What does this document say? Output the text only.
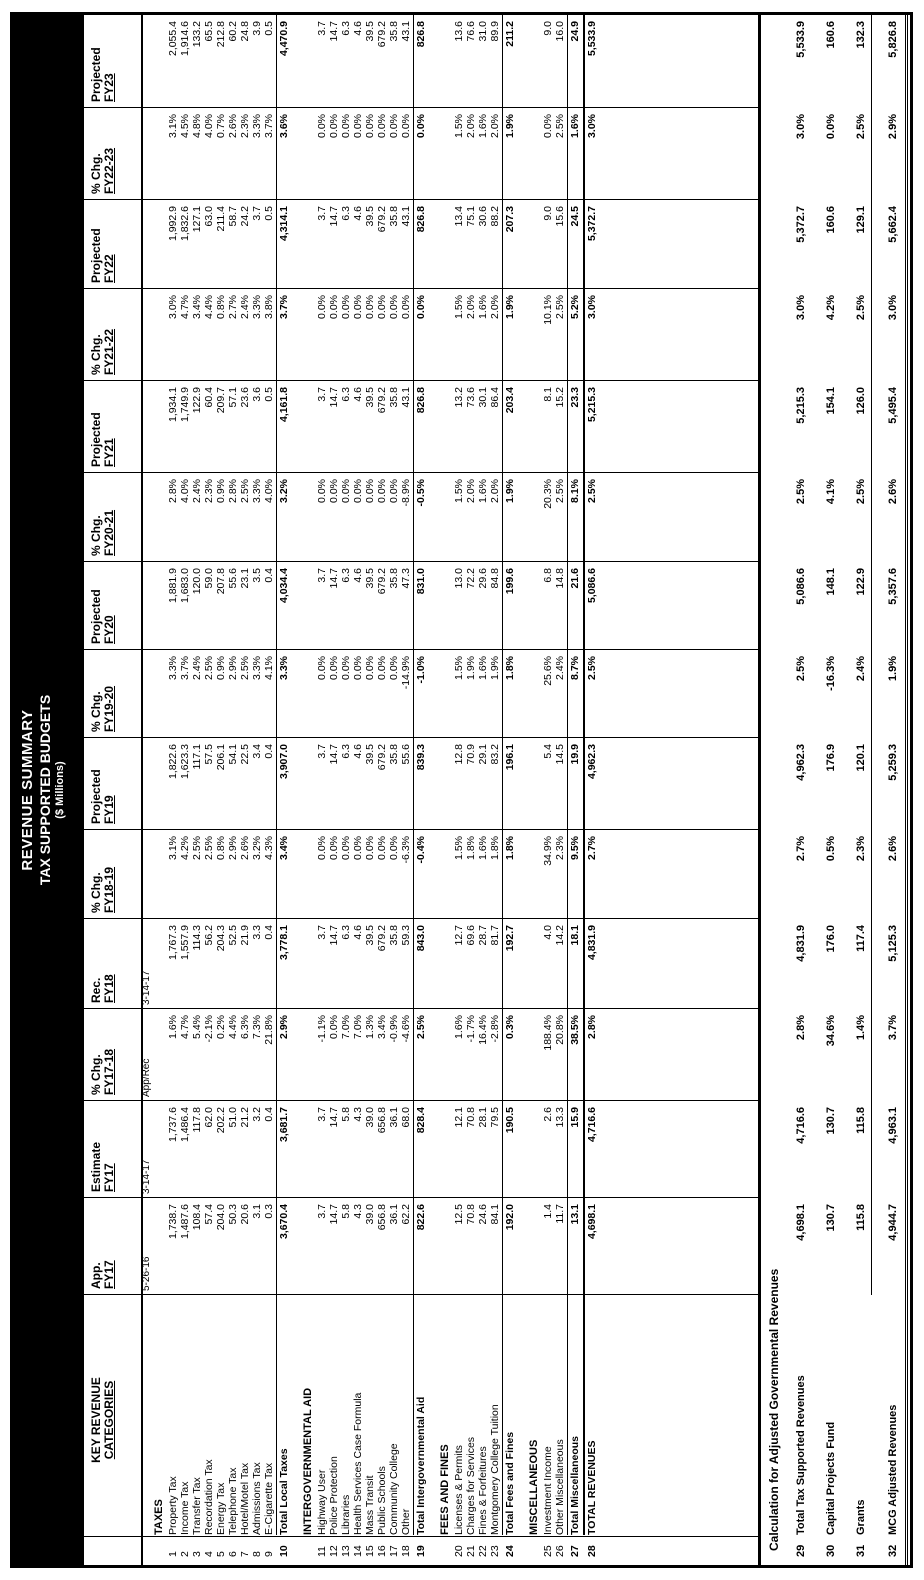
REVENUE SUMMARY TAX SUPPORTED BUDGETS ($ Millions)
KEY REVENUE CATEGORIES
App. FY17
Estimate FY17
% Chg. FY17-18
Rec. FY18
% Chg. FY18-19
Projected FY19
% Chg. FY19-20
Projected FY20
% Chg. FY20-21
Projected FY21
% Chg. FY21-22
Projected FY22
% Chg. FY22-23
Projected FY23
5-26-16
3-14-17
App/Rec
3-14-17
TAXES
1
Property Tax
1,738.7
1,737.6
1.6%
1,767.3
3.1%
1,822.6
3.3%
1,881.9
2.8%
1,934.1
3.0%
1,992.9
3.1%
2,055.4
2
Income Tax
1,487.6
1,486.4
4.7%
1,557.9
4.2%
1,623.3
3.7%
1,683.0
4.0%
1,749.9
4.7%
1,832.6
4.5%
1,914.6
3
Transfer Tax
108.4
117.8
5.4%
114.3
2.5%
117.1
2.4%
120.0
2.4%
122.9
3.4%
127.1
4.8%
133.2
4
Recordation Tax
57.4
62.0
-2.1%
56.2
2.5%
57.5
2.5%
59.0
2.3%
60.4
4.4%
63.0
4.0%
65.5
5
Energy Tax
204.0
202.2
0.2%
204.3
0.8%
206.1
0.9%
207.8
0.9%
209.7
0.8%
211.4
0.7%
212.8
6
Telephone Tax
50.3
51.0
4.4%
52.5
2.9%
54.1
2.9%
55.6
2.8%
57.1
2.7%
58.7
2.6%
60.2
7
Hotel/Motel Tax
20.6
21.2
6.3%
21.9
2.6%
22.5
2.5%
23.1
2.5%
23.6
2.4%
24.2
2.3%
24.8
8
Admissions Tax
3.1
3.2
7.3%
3.3
3.2%
3.4
3.3%
3.5
3.3%
3.6
3.3%
3.7
3.3%
3.9
9
E-Cigarette Tax
0.3
0.4
21.8%
0.4
4.3%
0.4
4.1%
0.4
4.0%
0.5
3.8%
0.5
3.7%
0.5
10
Total Local Taxes
3,670.4
3,681.7
2.9%
3,778.1
3.4%
3,907.0
3.3%
4,034.4
3.2%
4,161.8
3.7%
4,314.1
3.6%
4,470.9
INTERGOVERNMENTAL AID
11
Highway User
3.7
3.7
-1.1%
3.7
0.0%
3.7
0.0%
3.7
0.0%
3.7
0.0%
3.7
0.0%
3.7
12
Police Protection
14.7
14.7
0.0%
14.7
0.0%
14.7
0.0%
14.7
0.0%
14.7
0.0%
14.7
0.0%
14.7
13
Libraries
5.8
5.8
7.0%
6.3
0.0%
6.3
0.0%
6.3
0.0%
6.3
0.0%
6.3
0.0%
6.3
14
Health Services Case Formula
4.3
4.3
7.0%
4.6
0.0%
4.6
0.0%
4.6
0.0%
4.6
0.0%
4.6
0.0%
4.6
15
Mass Transit
39.0
39.0
1.3%
39.5
0.0%
39.5
0.0%
39.5
0.0%
39.5
0.0%
39.5
0.0%
39.5
16
Public Schools
656.8
656.8
3.4%
679.2
0.0%
679.2
0.0%
679.2
0.0%
679.2
0.0%
679.2
0.0%
679.2
17
Community College
36.1
36.1
-0.9%
35.8
0.0%
35.8
0.0%
35.8
0.0%
35.8
0.0%
35.8
0.0%
35.8
18
Other
62.2
68.0
-4.6%
59.3
-6.3%
55.6
-14.9%
47.3
-8.9%
43.1
0.0%
43.1
0.0%
43.1
19
Total Intergovernmental Aid
822.6
828.4
2.5%
843.0
-0.4%
839.3
-1.0%
831.0
-0.5%
826.8
0.0%
826.8
0.0%
826.8
FEES AND FINES
20
Licenses & Permits
12.5
12.1
1.6%
12.7
1.5%
12.8
1.5%
13.0
1.5%
13.2
1.5%
13.4
1.5%
13.6
21
Charges for Services
70.8
70.8
-1.7%
69.6
1.8%
70.9
1.9%
72.2
2.0%
73.6
2.0%
75.1
2.0%
76.6
22
Fines & Forfeitures
24.6
28.1
16.4%
28.7
1.6%
29.1
1.6%
29.6
1.6%
30.1
1.6%
30.6
1.6%
31.0
23
Montgomery College Tuition
84.1
79.5
-2.8%
81.7
1.8%
83.2
1.9%
84.8
2.0%
86.4
2.0%
88.2
2.0%
89.9
24
Total Fees and Fines
192.0
190.5
0.3%
192.7
1.8%
196.1
1.8%
199.6
1.9%
203.4
1.9%
207.3
1.9%
211.2
MISCELLANEOUS
25
Investment Income
1.4
2.6
188.4%
4.0
34.9%
5.4
25.6%
6.8
20.3%
8.1
10.1%
9.0
0.0%
9.0
26
Other Miscellaneous
11.7
13.3
20.8%
14.2
2.3%
14.5
2.4%
14.8
2.5%
15.2
2.5%
15.6
2.5%
16.0
27
Total Miscellaneous
13.1
15.9
38.5%
18.1
9.5%
19.9
8.7%
21.6
8.1%
23.3
5.2%
24.5
1.6%
24.9
28
TOTAL REVENUES
4,698.1
4,716.6
2.8%
4,831.9
2.7%
4,962.3
2.5%
5,086.6
2.5%
5,215.3
3.0%
5,372.7
3.0%
5,533.9
Calculation for Adjusted Governmental Revenues 29
Total Tax Supported Revenues
4,698.1
4,716.6
2.8%
4,831.9
2.7%
4,962.3
2.5%
5,086.6
2.5%
5,215.3
3.0%
5,372.7
3.0%
5,533.9
30
Capital Projects Fund
130.7
130.7
34.6%
176.0
0.5%
176.9
-16.3%
148.1
4.1%
154.1
4.2%
160.6
0.0%
160.6
31
Grants
115.8
115.8
1.4%
117.4
2.3%
120.1
2.4%
122.9
2.5%
126.0
2.5%
129.1
2.5%
132.3
32
MCG Adjusted Revenues
4,944.7
4,963.1
3.7%
5,125.3
2.6%
5,259.3
1.9%
5,357.6
2.6%
5,495.4
3.0%
5,662.4
2.9%
5,826.8
